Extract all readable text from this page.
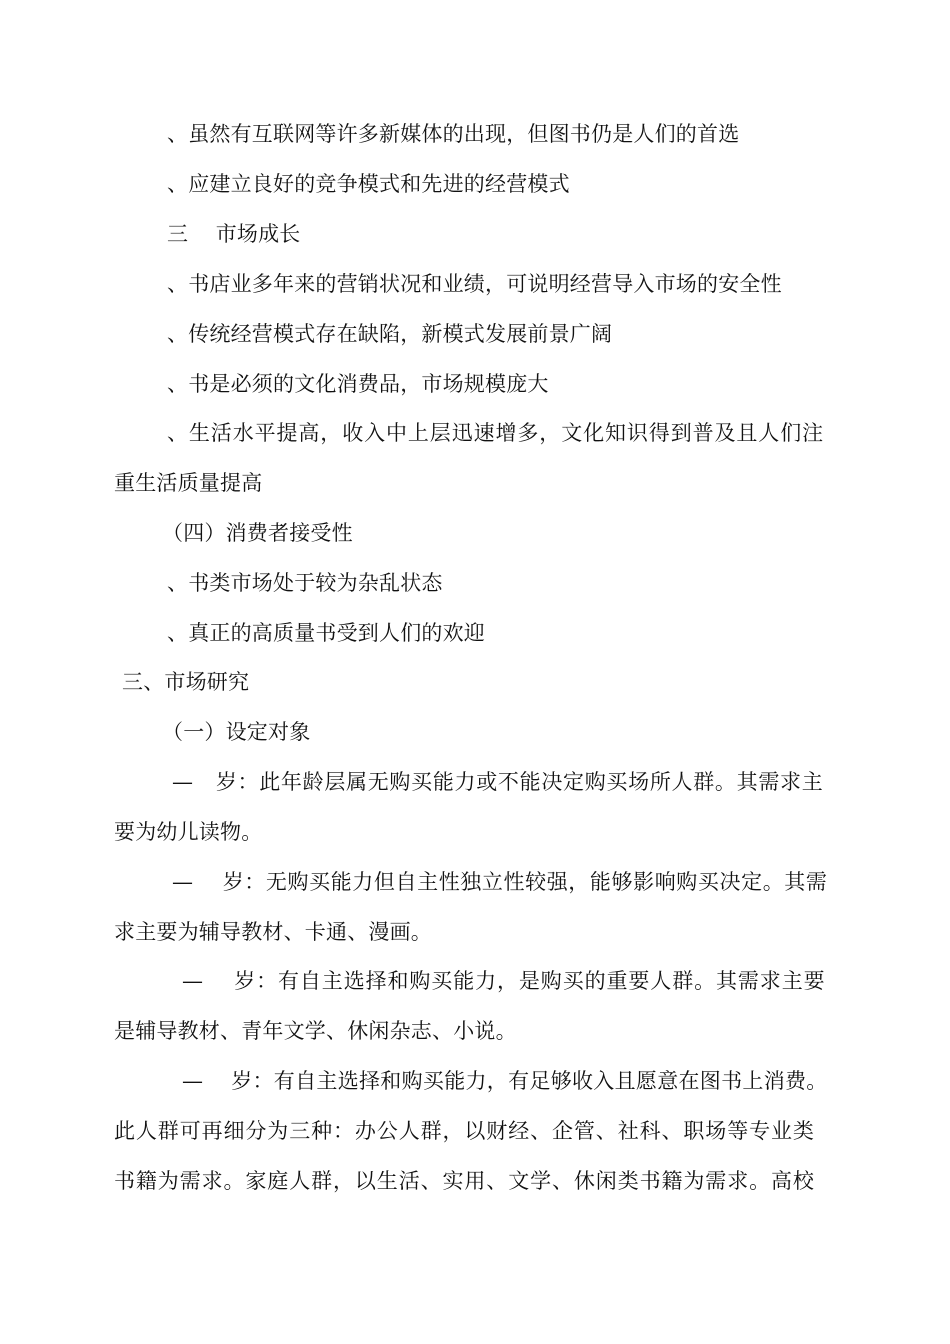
、虽然有互联网等许多新媒体的出现，但图书仍是人们的首选
、应建立良好的竞争模式和先进的经营模式
三    市场成长
、书店业多年来的营销状况和业绩，可说明经营导入市场的安全性
、传统经营模式存在缺陷，新模式发展前景广阔
、书是必须的文化消费品，市场规模庞大
、生活水平提高，收入中上层迅速增多，文化知识得到普及且人们注
重生活质量提高
（四）消费者接受性
、书类市场处于较为杂乱状态
、真正的高质量书受到人们的欢迎
三、市场研究
（一）设定对象
—   岁：此年龄层属无购买能力或不能决定购买场所人群。其需求主
要为幼儿读物。
—    岁：无购买能力但自主性独立性较强，能够影响购买决定。其需
求主要为辅导教材、卡通、漫画。
—    岁：有自主选择和购买能力，是购买的重要人群。其需求主要
是辅导教材、青年文学、休闲杂志、小说。
—    岁：有自主选择和购买能力，有足够收入且愿意在图书上消费。
此人群可再细分为三种：办公人群，以财经、企管、社科、职场等专业类
书籍为需求。家庭人群，以生活、实用、文学、休闲类书籍为需求。高校
